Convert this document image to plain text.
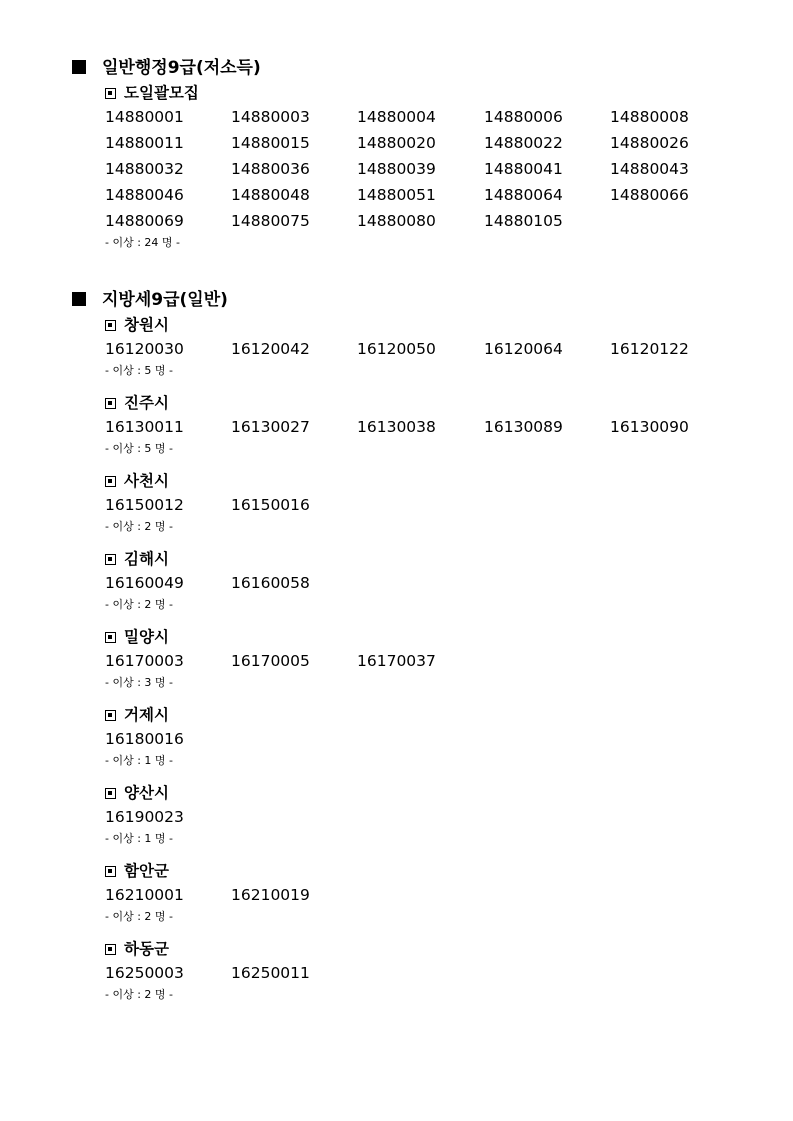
일반행정9급(저소득)
도일괄모집
14880001	14880003	14880004	14880006	14880008
14880011	14880015	14880020	14880022	14880026
14880032	14880036	14880039	14880041	14880043
14880046	14880048	14880051	14880064	14880066
14880069	14880075	14880080	14880105
- 이상 : 24 명 -
지방세9급(일반)
창원시
16120030	16120042	16120050	16120064	16120122
- 이상 : 5 명 -
진주시
16130011	16130027	16130038	16130089	16130090
- 이상 : 5 명 -
사천시
16150012	16150016
- 이상 : 2 명 -
김해시
16160049	16160058
- 이상 : 2 명 -
밀양시
16170003	16170005	16170037
- 이상 : 3 명 -
거제시
16180016
- 이상 : 1 명 -
양산시
16190023
- 이상 : 1 명 -
함안군
16210001	16210019
- 이상 : 2 명 -
하동군
16250003	16250011
- 이상 : 2 명 -
